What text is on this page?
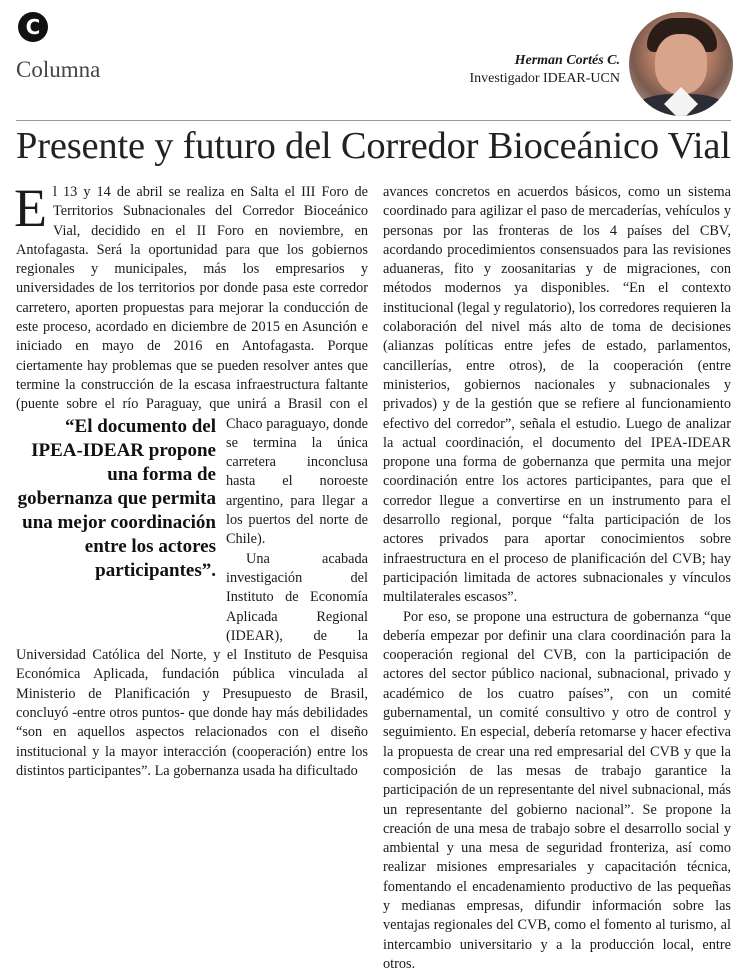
C
Columna	Herman Cortés C.
Investigador IDEAR-UCN
Presente y futuro del Corredor Bioceánico Vial

El 13 y 14 de abril se realiza en Salta el III Foro de Territorios Subnacionales del Corredor Bioceánico Vial, decidido en el II Foro en noviembre, en Antofagasta. Será la oportunidad para que los gobiernos regionales y municipales, más los empresarios y universidades de los territorios por donde pasa este corredor carretero, aporten propuestas para mejorar la conducción de este proceso, acordado en diciembre de 2015 en Asunción e iniciado en mayo de 2016 en Antofagasta. Porque ciertamente hay problemas que se pueden resolver antes que termine la construcción de la escasa infraestructura faltante (puente sobre el río Paraguay,
“El documento del IPEA-IDEAR propone una forma de gobernanza que permita una mejor coordinación entre los actores participantes”.
que unirá a Brasil con el Chaco paraguayo, donde se termina la única carretera inconclusa hasta el noroeste argentino, para llegar a los puertos del norte de Chile).

Una acabada investigación del Instituto de Economía Aplicada Regional (IDEAR), de la Universidad Católica del Norte, y el Instituto de Pesquisa Económica Aplicada, fundación pública vinculada al Ministerio de Planificación y Presupuesto de Brasil, concluyó -entre otros puntos- que donde hay más debilidades “son en aquellos aspectos relacionados con el diseño institucional y la mayor interacción (cooperación) entre los distintos participantes”. La gobernanza usada ha dificultado

avances concretos en acuerdos básicos, como un sistema coordinado para agilizar el paso de mercaderías, vehículos y personas por las fronteras de los 4 países del CBV, acordando procedimientos consensuados para las revisiones aduaneras, fito y zoosanitarias y de migraciones, con métodos modernos ya disponibles. “En el contexto institucional (legal y regulatorio), los corredores requieren la colaboración del nivel más alto de toma de decisiones (alianzas políticas entre jefes de estado, parlamentos, cancillerías, entre otros), de la cooperación (entre ministerios, gobiernos nacionales y subnacionales y privados) y de la gestión que se refiere al funcionamiento efectivo del corredor”, señala el estudio. Luego de analizar la actual coordinación, el documento del IPEA-IDEAR propone una forma de gobernanza que permita una mejor coordinación entre los actores participantes, para que el corredor llegue a convertirse en un instrumento para el desarrollo regional, porque “falta participación de los actores privados para aportar conocimientos sobre infraestructura en el proceso de planificación del CVB; hay participación limitada de actores subnacionales y vínculos multilaterales escasos”.

Por eso, se propone una estructura de gobernanza “que debería empezar por definir una clara coordinación para la cooperación regional del CVB, con la participación de actores del sector público nacional, subnacional, privado y académico de los cuatro países”, con un comité gubernamental, un comité consultivo y otro de control y seguimiento. En especial, debería retomarse y hacer efectiva la propuesta de crear una red empresarial del CVB y que la composición de las mesas de trabajo garantice la participación de un representante del nivel subnacional, más un representante del gobierno nacional”. Se propone la creación de una mesa de trabajo sobre el desarrollo social y ambiental y una mesa de seguridad fronteriza, así como realizar misiones empresariales y capacitación técnica, fomentando el encadenamiento productivo de las pequeñas y medianas empresas, difundir información sobre las ventajas regionales del CVB, como el fomento al turismo, al intercambio universitario y a la producción local, entre otros.
